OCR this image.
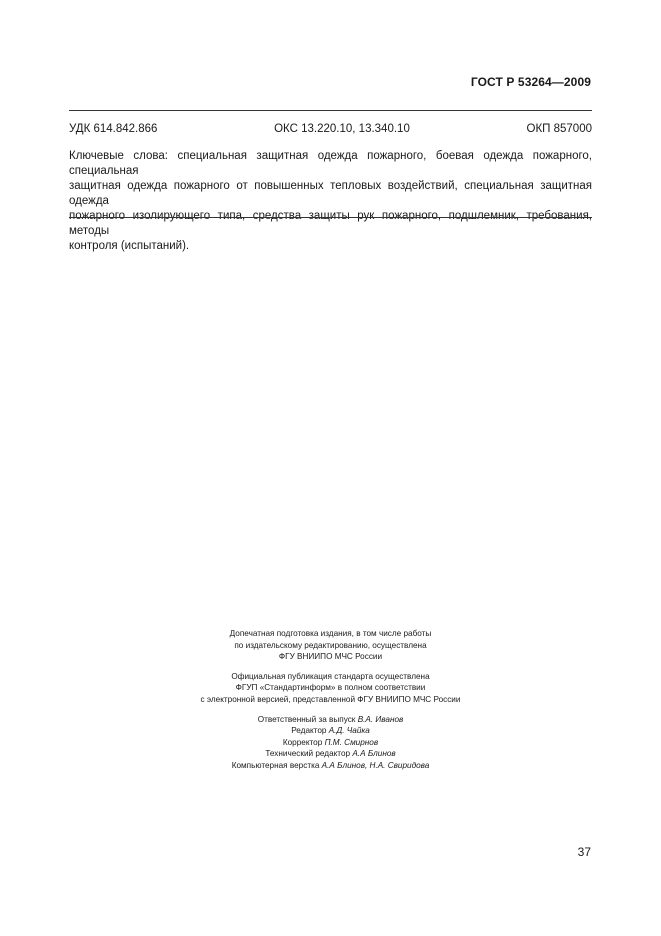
ГОСТ Р 53264—2009
УДК 614.842.866	ОКС 13.220.10, 13.340.10	ОКП 857000

Ключевые слова: специальная защитная одежда пожарного, боевая одежда пожарного, специальная

защитная одежда пожарного от повышенных тепловых воздействий, специальная защитная одежда

пожарного изолирующего типа, средства защиты рук пожарного, подшлемник, требования, методы

контроля (испытаний).

Допечатная подготовка издания, в том числе работы
по издательскому редактированию, осуществлена
ФГУ ВНИИПО МЧС России
Официальная публикация стандарта осуществлена
ФГУП «Стандартинформ» в полном соответствии
с электронной версией, представленной ФГУ ВНИИПО МЧС России
Ответственный за выпуск В.А. Иванов
Редактор А.Д. Чайка
Корректор П.М. Смирнов
Технический редактор А.А Блинов
Компьютерная верстка А.А Блинов, Н.А. Свиридова
37
